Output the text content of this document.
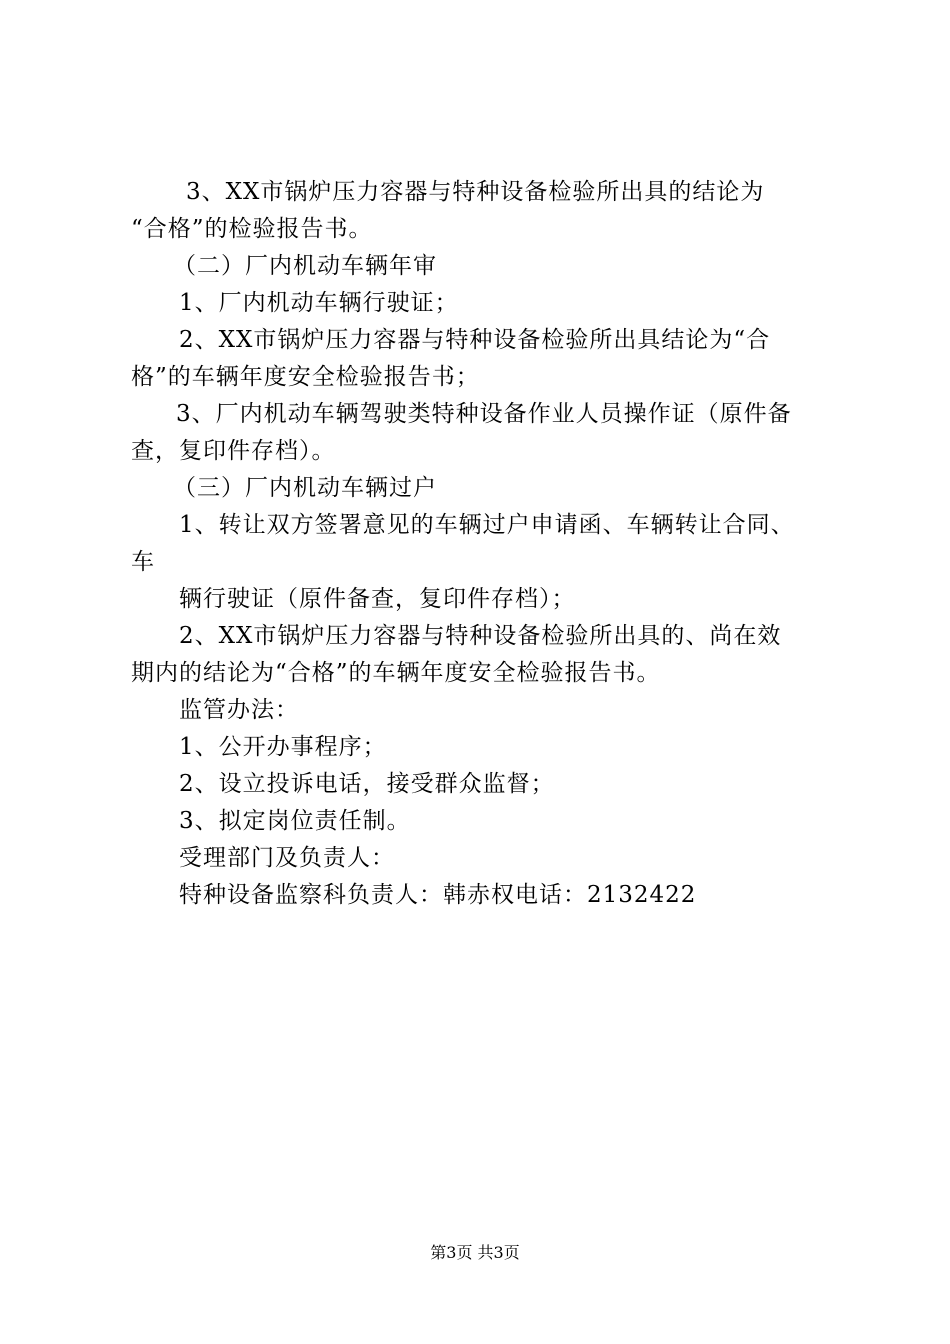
3、XX市锅炉压力容器与特种设备检验所出具的结论为
“合格”的检验报告书。
（二）厂内机动车辆年审
1、厂内机动车辆行驶证；
2、XX市锅炉压力容器与特种设备检验所出具结论为“合
格”的车辆年度安全检验报告书；
3、厂内机动车辆驾驶类特种设备作业人员操作证（原件备
查，复印件存档）。
（三）厂内机动车辆过户
1、转让双方签署意见的车辆过户申请函、车辆转让合同、
车
辆行驶证（原件备查，复印件存档）；
2、XX市锅炉压力容器与特种设备检验所出具的、尚在效
期内的结论为“合格”的车辆年度安全检验报告书。
监管办法：
1、公开办事程序；
2、设立投诉电话，接受群众监督；
3、拟定岗位责任制。
受理部门及负责人：
特种设备监察科负责人：韩赤权电话：2132422
第3页 共3页
